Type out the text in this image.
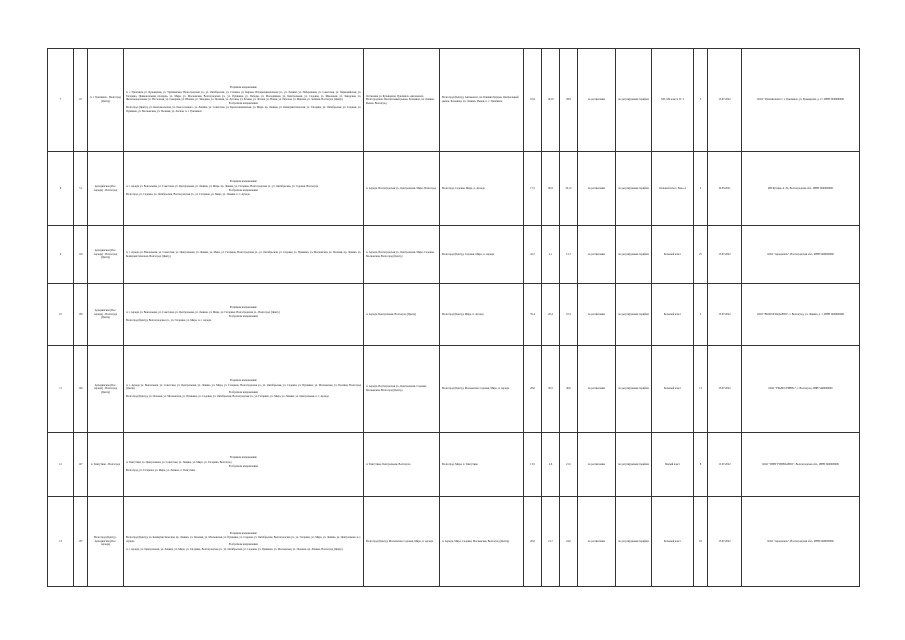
7	10	п. г. Урюпинск - Волгоград (Центр)	В прямом направлении:
п. г. Урюпинск ул. Бульварная, ул. Урюпинская, Волгоградская ул., ул. Октябрьская, ул. Степная, ул. Кирова, Интернациональная ул., ул. Ленина, ул. Набережная, ул. Советская, ул. Первомайская, ул. Гагарина, Привокзальная площадь, ул. Мира, ул. Московская, Волгоградская ул., ул. Пушкина, ул. Победы, ул. Молодёжная, ул. Центральная, ул. Садовая, ул. Школьная, ул. Заводская, ул. Железнодорожная, ул. Восточная, ул. Северная, ул. Южная, ул. Западная, ул. Полевая, ул. Луговая, ул. Речная, ул. Лесная, ул. Новая, ул. Рабочая, ул. Мирная, ул. Зелёная, Волгоград (Центр)
В обратном направлении:
Волгоград (Центр), ул. Комсомольская, ул. Рокоссовского, ул. Ленина, ул. Советская, ул. Краснознаменская, ул. Мира, пр. Ленина, ул. Коммунистическая, ул. Гагарина, ул. Октябрьская, ул. Садовая, ул. Пушкина, ул. Московская, ул. Полевая, ул. Лесная, п. г. Урюпинск	Остановка ул. Бульварная, Урюпинск, Автовокзал, Волгоградская, Центральный рынок, Больница, пл. Ленина, Рынок, Волгоград	Волгоград (Центр), Автовокзал, пл. Павших Борцов, Центральный рынок, Больница, пл. Ленина, Рынок, п. г. Урюпинск	10,6	19,19	28,9	по расписанию	по регулируемым тарифам	М3, М2 класса II / I	3	15.07.2022	ООО "Урюпинскавто", г. Урюпинск, ул. Бульварная, д. 17, ИНН 3438000000
8	51	Арчединская (Пос. Арчеда) - Волгоград	В прямом направлении:
п. г. Арчеда ул. Вокзальная, ул. Советская, ул. Центральная, ул. Ленина, ул. Мира, пр. Ленина, ул. Гагарина, Волгоградская ул., ул. Октябрьская, ул. Садовая, Волгоград
В обратном направлении:
Волгоград, ул. Садовая, ул. Октябрьская, Волгоградская ул., ул. Гагарина, ул. Мира, ул. Ленина, п. г. Арчеда	п. Арчеда, Волгоградская ул., Центральная, Мира, Волгоград	Волгоград, Садовая, Мира, п. Арчеда	17,5	60,9	32,12	по расписанию	по регулируемым тарифам	Большой класс, Евро-4	4	10.03.2021	ИП Бутенко А. Н., Волгоградская обл., ИНН 3400000000
9	116	Арчединская (Пос. Арчеда) - Волгоград (Центр)	п. г. Арчеда ул. Вокзальная, ул. Советская, ул. Центральная, ул. Ленина, ул. Мира, ул. Гагарина, Волгоградская ул., ул. Октябрьская, ул. Садовая, ул. Пушкина, ул. Московская, ул. Полевая, пр. Ленина, ул. Коммунистическая, Волгоград (Центр)	п. Арчеда, Волгоградская ул., Центральная, Мира, Садовая, Московская, Волгоград (Центр)	Волгоград (Центр), Садовая, Мира, п. Арчеда	42,7	2,1	12,7	по расписанию	по регулируемым тарифам	Большой класс	25	15.07.2022	ООО "Арчедаавто", Волгоградская обл., ИНН 3400000000
10	136	Арчединская (Пос. Арчеда) - Волгоград (Центр)	В прямом направлении:
п. г. Арчеда ул. Вокзальная, ул. Советская, ул. Центральная, ул. Ленина, ул. Мира, ул. Гагарина, Волгоградская ул., Волгоград (Центр)
В обратном направлении:
Волгоград (Центр), Волгоградская ул., ул. Гагарина, ул. Мира, п. г. Арчеда	п. Арчеда, Центральная, Волгоград (Центр)	Волгоград (Центр), Мира, п. Арчеда	35,4	20,4	10,5	по расписанию	по регулируемым тарифам	Большой класс	2	15.07.2022	ООО "ВОЛГОГРАДАВТО", г. Волгоград, ул. Ленина, д. 1, ИНН 3400000000
11	126	Арчединская (Пос. Арчеда) - Волгоград (Центр)	В прямом направлении:
п. г. Арчеда ул. Вокзальная, ул. Советская, ул. Центральная, ул. Ленина, ул. Мира, ул. Гагарина, Волгоградская ул., ул. Октябрьская, ул. Садовая, ул. Пушкина, ул. Московская, ул. Полевая, Волгоград (Центр)
В обратном направлении:
Волгоград (Центр), ул. Полевая, ул. Московская, ул. Пушкина, ул. Садовая, ул. Октябрьская, Волгоградская ул., ул. Гагарина, ул. Мира, ул. Ленина, ул. Центральная, п. г. Арчеда	п. Арчеда, Волгоградская ул., Центральная, Садовая, Московская, Волгоград (Центр)	Волгоград (Центр), Московская, Садовая, Мира, п. Арчеда	28,6	30,5	40,0	по расписанию	по регулируемым тарифам	Большой класс	13	15.07.2022	ООО "ТРАНССЕРВИС", г. Волгоград, ИНН 3400000000
12	127	п. Тингутино - Волгоград	В прямом направлении:
п. Тингутино ул. Центральная, ул. Советская, ул. Ленина, ул. Мира, ул. Гагарина, Волгоград
В обратном направлении:
Волгоград, ул. Гагарина, ул. Мира, ул. Ленина, п. Тингутино	п. Тингутино, Центральная, Волгоград	Волгоград, Мира, п. Тингутино	13,5	2,6	21,5	по расписанию	по регулируемым тарифам	Малый класс	8	15.07.2022	ООО "ТИНГУТИНОАВТО", Волгоградская обл., ИНН 3400000000
13	137	Волгоград (Центр) - Арчединская (Пос. Арчеда)	В прямом направлении:
Волгоград (Центр), ул. Коммунистическая, пр. Ленина, ул. Полевая, ул. Московская, ул. Пушкина, ул. Садовая, ул. Октябрьская, Волгоградская ул., ул. Гагарина, ул. Мира, ул. Ленина, ул. Центральная, п. г. Арчеда
В обратном направлении:
п. г. Арчеда, ул. Центральная, ул. Ленина, ул. Мира, ул. Гагарина, Волгоградская ул., ул. Октябрьская, ул. Садовая, ул. Пушкина, ул. Московская, ул. Полевая, пр. Ленина, Волгоград (Центр)	Волгоград (Центр), Московская, Садовая, Мира, п. Арчеда	п. Арчеда, Мира, Садовая, Московская, Волгоград (Центр)	20,6	21,7	24,0	по расписанию	по регулируемым тарифам	Большой класс	18	15.07.2022	ООО "Арчедаавто", Волгоградская обл., ИНН 3400000000
